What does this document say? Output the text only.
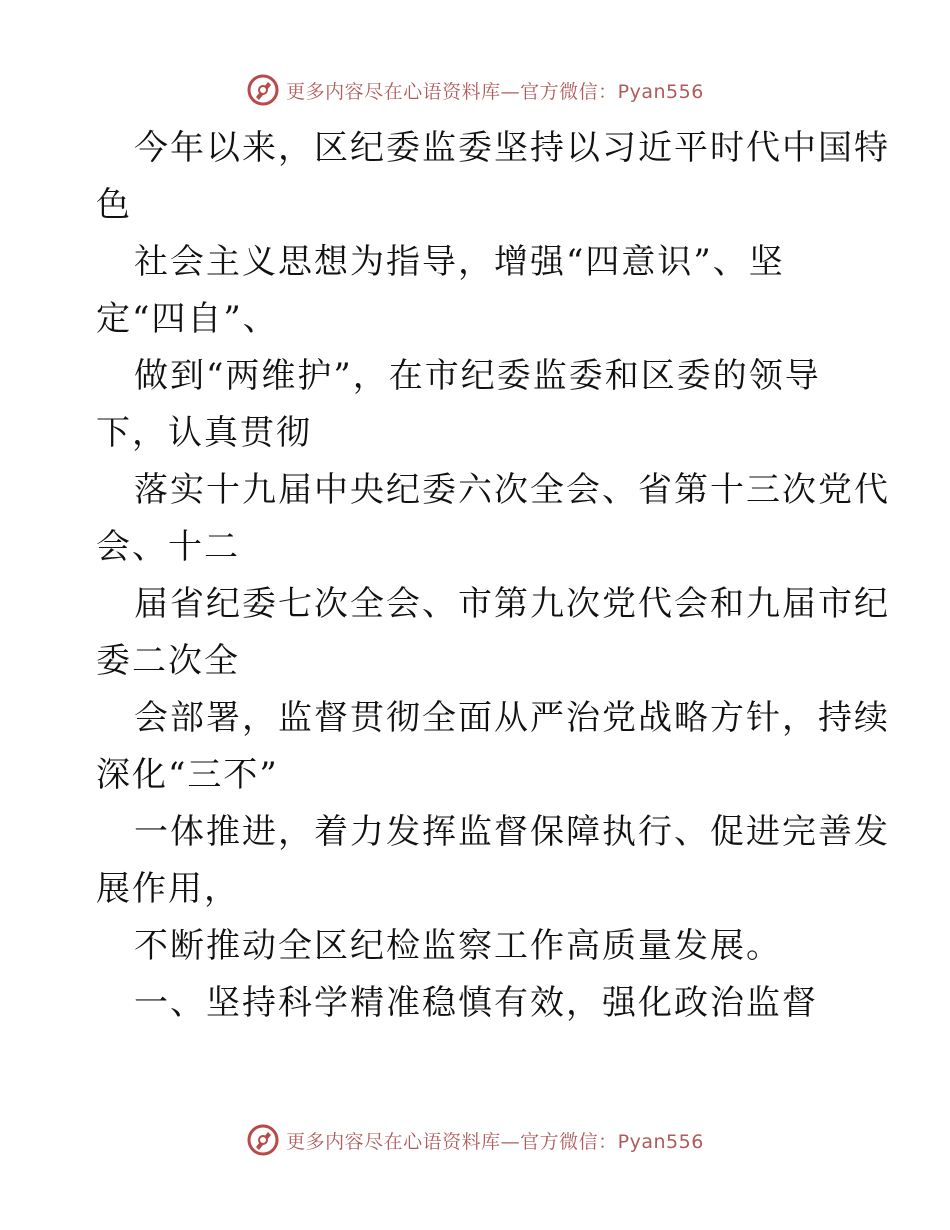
更多内容尽在心语资料库—官方微信：Pyan556
今年以来，区纪委监委坚持以习近平时代中国特
色
社会主义思想为指导，增强“四意识”、坚
定“四自”、
做到“两维护”，在市纪委监委和区委的领导
下，认真贯彻
落实十九届中央纪委六次全会、省第十三次党代
会、十二
届省纪委七次全会、市第九次党代会和九届市纪
委二次全
会部署，监督贯彻全面从严治党战略方针，持续
深化“三不”
一体推进，着力发挥监督保障执行、促进完善发
展作用，
不断推动全区纪检监察工作高质量发展。
一、坚持科学精准稳慎有效，强化政治监督
更多内容尽在心语资料库—官方微信：Pyan556
